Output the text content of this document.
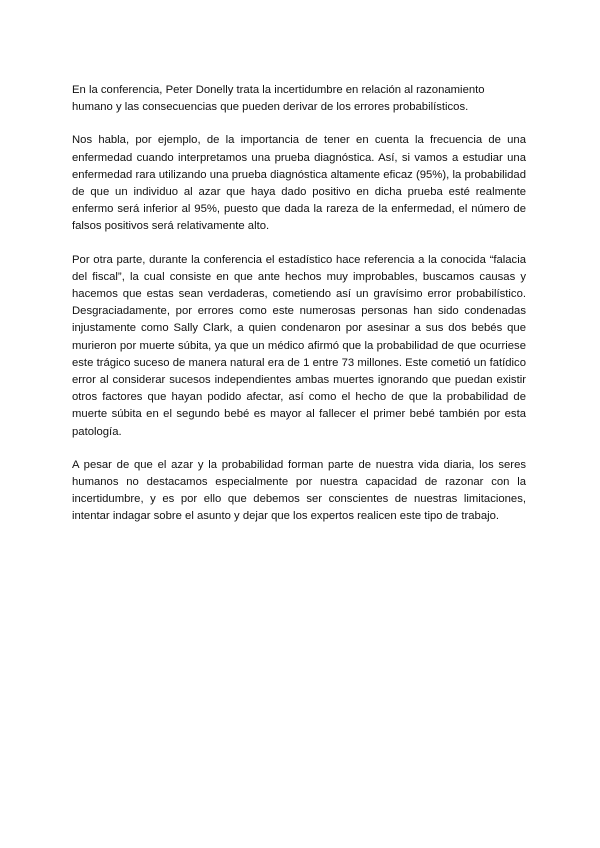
En la conferencia, Peter Donelly trata la incertidumbre en relación al razonamiento humano y las consecuencias que pueden derivar de los errores probabilísticos.

Nos habla, por ejemplo, de la importancia de tener en cuenta la frecuencia de una enfermedad cuando interpretamos una prueba diagnóstica. Así, si vamos a estudiar una enfermedad rara utilizando una prueba diagnóstica altamente eficaz (95%), la probabilidad de que un individuo al azar que haya dado positivo en dicha prueba esté realmente enfermo será inferior al 95%, puesto que dada la rareza de la enfermedad, el número de falsos positivos será relativamente alto.

Por otra parte, durante la conferencia el estadístico hace referencia a la conocida “falacia del fiscal”, la cual consiste en que ante hechos muy improbables, buscamos causas y hacemos que estas sean verdaderas, cometiendo así un gravísimo error probabilístico. Desgraciadamente, por errores como este numerosas personas han sido condenadas injustamente como Sally Clark, a quien condenaron por asesinar a sus dos bebés que murieron por muerte súbita, ya que un médico afirmó que la probabilidad de que ocurriese este trágico suceso de manera natural era de 1 entre 73 millones. Este cometió un fatídico error al considerar sucesos independientes ambas muertes ignorando que puedan existir otros factores que hayan podido afectar, así como el hecho de que la probabilidad de muerte súbita en el segundo bebé es mayor al fallecer el primer bebé también por esta patología.

A pesar de que el azar y la probabilidad forman parte de nuestra vida diaria, los seres humanos no destacamos especialmente por nuestra capacidad de razonar con la incertidumbre, y es por ello que debemos ser conscientes de nuestras limitaciones, intentar indagar sobre el asunto y dejar que los expertos realicen este tipo de trabajo.
